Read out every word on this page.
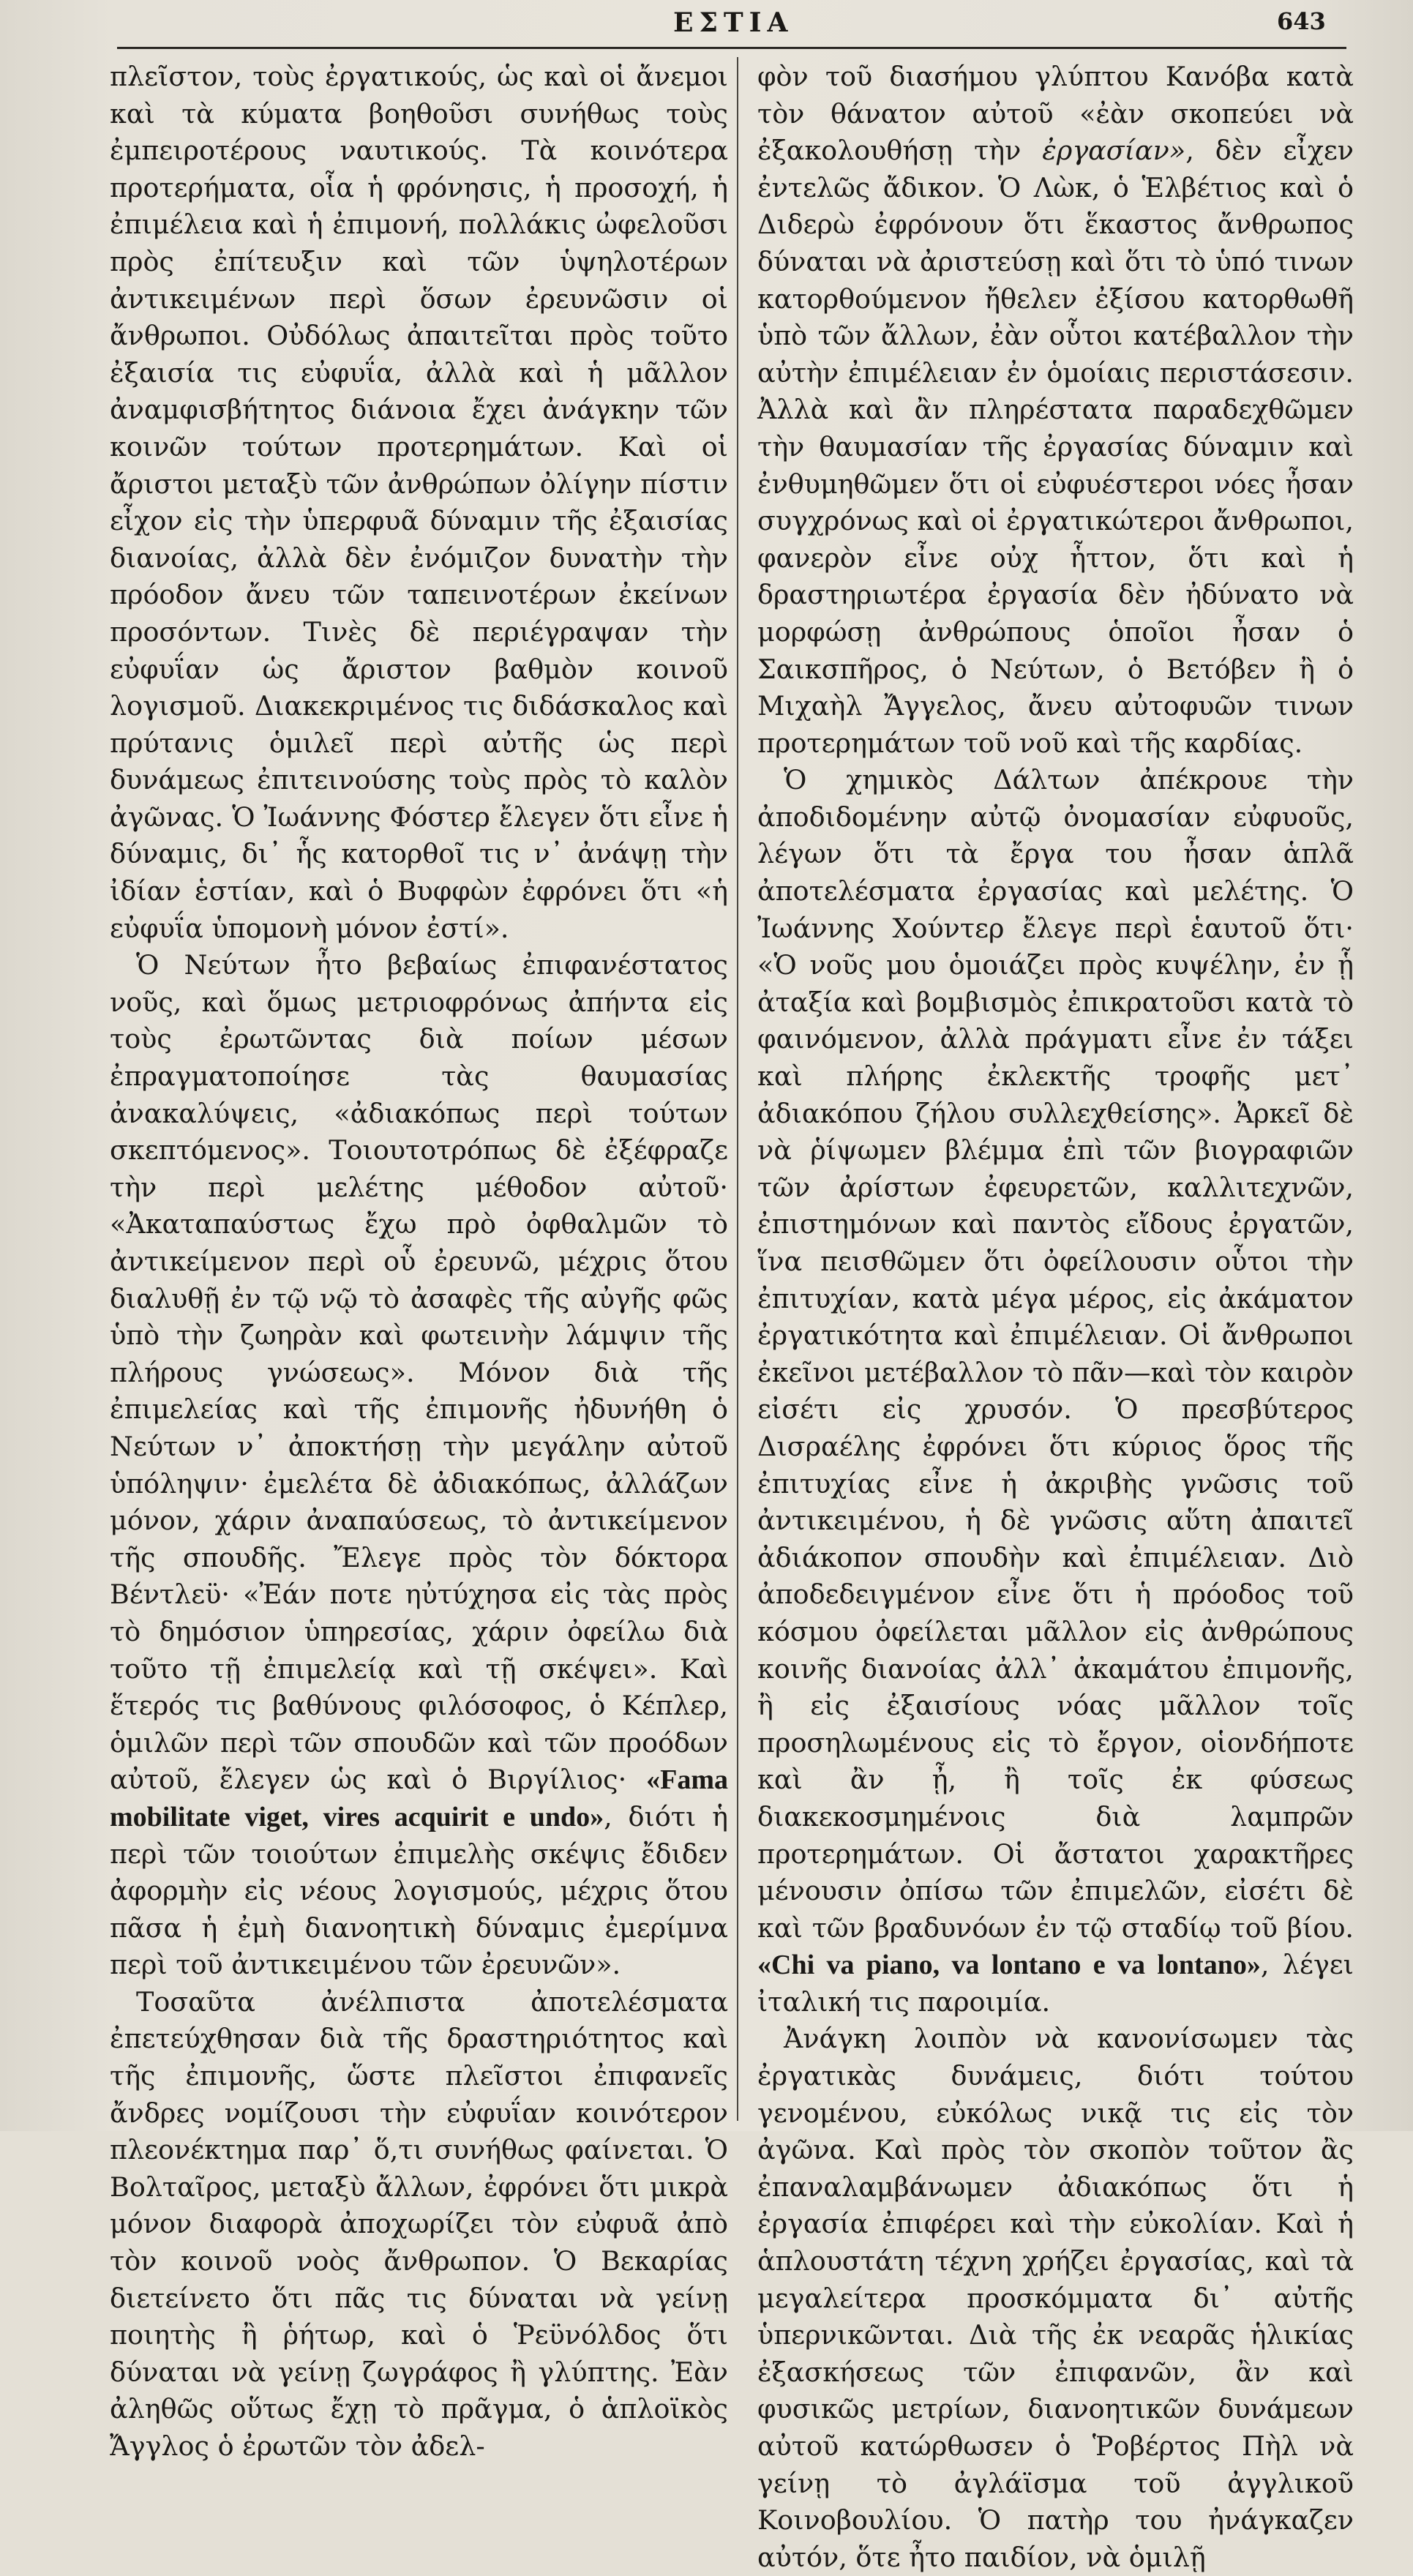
ΕΣΤΙΑ	643

πλεῖστον, τοὺς ἐργατικούς, ὡς καὶ οἱ ἄνεμοι καὶ τὰ κύματα βοηθοῦσι συνήθως τοὺς ἐμπειροτέρους ναυτικούς. Τὰ κοινότερα προτερήματα, οἷα ἡ φρόνησις, ἡ προσοχή, ἡ ἐπιμέλεια καὶ ἡ ἐπιμονή, πολλάκις ὠφελοῦσι πρὸς ἐπίτευξιν καὶ τῶν ὑψηλοτέρων ἀντικειμένων περὶ ὅσων ἐρευνῶσιν οἱ ἄνθρωποι. Οὐδόλως ἀπαιτεῖται πρὸς τοῦτο ἐξαισία τις εὐφυΐα, ἀλλὰ καὶ ἡ μᾶλλον ἀναμφισβήτητος διάνοια ἔχει ἀνάγκην τῶν κοινῶν τούτων προτερημάτων. Καὶ οἱ ἄριστοι μεταξὺ τῶν ἀνθρώπων ὀλίγην πίστιν εἶχον εἰς τὴν ὑπερφυᾶ δύναμιν τῆς ἐξαισίας διανοίας, ἀλλὰ δὲν ἐνόμιζον δυνατὴν τὴν πρόοδον ἄνευ τῶν ταπεινοτέρων ἐκείνων προσόντων. Τινὲς δὲ περιέγραψαν τὴν εὐφυΐαν ὡς ἄριστον βαθμὸν κοινοῦ λογισμοῦ. Διακεκριμένος τις διδάσκαλος καὶ πρύτανις ὁμιλεῖ περὶ αὐτῆς ὡς περὶ δυνάμεως ἐπιτεινούσης τοὺς πρὸς τὸ καλὸν ἀγῶνας. Ὁ Ἰωάννης Φόστερ ἔλεγεν ὅτι εἶνε ἡ δύναμις, δι᾿ ἧς κατορθοῖ τις ν᾿ ἀνάψῃ τὴν ἰδίαν ἑστίαν, καὶ ὁ Βυφφὼν ἐφρόνει ὅτι «ἡ εὐφυΐα ὑπομονὴ μόνον ἐστί».

Ὁ Νεύτων ἦτο βεβαίως ἐπιφανέστατος νοῦς, καὶ ὅμως μετριοφρόνως ἀπήντα εἰς τοὺς ἐρωτῶντας διὰ ποίων μέσων ἐπραγματοποίησε τὰς θαυμασίας ἀνακαλύψεις, «ἀδιακόπως περὶ τούτων σκεπτόμενος». Τοιουτοτρόπως δὲ ἐξέφραζε τὴν περὶ μελέτης μέθοδον αὐτοῦ· «Ἀκαταπαύστως ἔχω πρὸ ὀφθαλμῶν τὸ ἀντικείμενον περὶ οὗ ἐρευνῶ, μέχρις ὅτου διαλυθῇ ἐν τῷ νῷ τὸ ἀσαφὲς τῆς αὐγῆς φῶς ὑπὸ τὴν ζωηρὰν καὶ φωτεινὴν λάμψιν τῆς πλήρους γνώσεως». Μόνον διὰ τῆς ἐπιμελείας καὶ τῆς ἐπιμονῆς ἠδυνήθη ὁ Νεύτων ν᾿ ἀποκτήσῃ τὴν μεγάλην αὐτοῦ ὑπόληψιν· ἐμελέτα δὲ ἀδιακόπως, ἀλλάζων μόνον, χάριν ἀναπαύσεως, τὸ ἀντικείμενον τῆς σπουδῆς. Ἔλεγε πρὸς τὸν δόκτορα Βέντλεϋ· «Ἐάν ποτε ηὐτύχησα εἰς τὰς πρὸς τὸ δημόσιον ὑπηρεσίας, χάριν ὀφείλω διὰ τοῦτο τῇ ἐπιμελείᾳ καὶ τῇ σκέψει». Καὶ ἕτερός τις βαθύνους φιλόσοφος, ὁ Κέπλερ, ὁμιλῶν περὶ τῶν σπουδῶν καὶ τῶν προόδων αὐτοῦ, ἔλεγεν ὡς καὶ ὁ Βιργίλιος· «Fama mobilitate viget, vires acquirit e undo», διότι ἡ περὶ τῶν τοιούτων ἐπιμελὴς σκέψις ἔδιδεν ἀφορμὴν εἰς νέους λογισμούς, μέχρις ὅτου πᾶσα ἡ ἐμὴ διανοητικὴ δύναμις ἐμερίμνα περὶ τοῦ ἀντικειμένου τῶν ἐρευνῶν».

Τοσαῦτα ἀνέλπιστα ἀποτελέσματα ἐπετεύχθησαν διὰ τῆς δραστηριότητος καὶ τῆς ἐπιμονῆς, ὥστε πλεῖστοι ἐπιφανεῖς ἄνδρες νομίζουσι τὴν εὐφυΐαν κοινότερον πλεονέκτημα παρ᾿ ὅ,τι συνήθως φαίνεται. Ὁ Βολταῖρος, μεταξὺ ἄλλων, ἐφρόνει ὅτι μικρὰ μόνον διαφορὰ ἀποχωρίζει τὸν εὐφυᾶ ἀπὸ τὸν κοινοῦ νοὸς ἄνθρωπον. Ὁ Βεκαρίας διετείνετο ὅτι πᾶς τις δύναται νὰ γείνῃ ποιητὴς ἢ ῥήτωρ, καὶ ὁ Ῥεϋνόλδος ὅτι δύναται νὰ γείνῃ ζωγράφος ἢ γλύπτης. Ἐὰν ἀληθῶς οὕτως ἔχῃ τὸ πρᾶγμα, ὁ ἁπλοϊκὸς Ἄγγλος ὁ ἐρωτῶν τὸν ἀδελ-

φὸν τοῦ διασήμου γλύπτου Κανόβα κατὰ τὸν θάνατον αὐτοῦ «ἐὰν σκοπεύει νὰ ἐξακολουθήσῃ τὴν ἐργασίαν», δὲν εἶχεν ἐντελῶς ἄδικον. Ὁ Λὼκ, ὁ Ἑλβέτιος καὶ ὁ Διδερὼ ἐφρόνουν ὅτι ἕκαστος ἄνθρωπος δύναται νὰ ἀριστεύσῃ καὶ ὅτι τὸ ὑπό τινων κατορθούμενον ἤθελεν ἐξίσου κατορθωθῆ ὑπὸ τῶν ἄλλων, ἐὰν οὗτοι κατέβαλλον τὴν αὐτὴν ἐπιμέλειαν ἐν ὁμοίαις περιστάσεσιν. Ἀλλὰ καὶ ἂν πληρέστατα παραδεχθῶμεν τὴν θαυμασίαν τῆς ἐργασίας δύναμιν καὶ ἐνθυμηθῶμεν ὅτι οἱ εὐφυέστεροι νόες ἦσαν συγχρόνως καὶ οἱ ἐργατικώτεροι ἄνθρωποι, φανερὸν εἶνε οὐχ ἧττον, ὅτι καὶ ἡ δραστηριωτέρα ἐργασία δὲν ἠδύνατο νὰ μορφώσῃ ἀνθρώπους ὁποῖοι ἦσαν ὁ Σαικσπῆρος, ὁ Νεύτων, ὁ Βετόβεν ἢ ὁ Μιχαὴλ Ἄγγελος, ἄνευ αὐτοφυῶν τινων προτερημάτων τοῦ νοῦ καὶ τῆς καρδίας.

Ὁ χημικὸς Δάλτων ἀπέκρουε τὴν ἀποδιδομένην αὐτῷ ὀνομασίαν εὐφυοῦς, λέγων ὅτι τὰ ἔργα του ἦσαν ἁπλᾶ ἀποτελέσματα ἐργασίας καὶ μελέτης. Ὁ Ἰωάννης Χούντερ ἔλεγε περὶ ἑαυτοῦ ὅτι· «Ὁ νοῦς μου ὁμοιάζει πρὸς κυψέλην, ἐν ᾗ ἀταξία καὶ βομβισμὸς ἐπικρατοῦσι κατὰ τὸ φαινόμενον, ἀλλὰ πράγματι εἶνε ἐν τάξει καὶ πλήρης ἐκλεκτῆς τροφῆς μετ᾿ ἀδιακόπου ζήλου συλλεχθείσης». Ἀρκεῖ δὲ νὰ ῥίψωμεν βλέμμα ἐπὶ τῶν βιογραφιῶν τῶν ἀρίστων ἐφευρετῶν, καλλιτεχνῶν, ἐπιστημόνων καὶ παντὸς εἴδους ἐργατῶν, ἵνα πεισθῶμεν ὅτι ὀφείλουσιν οὗτοι τὴν ἐπιτυχίαν, κατὰ μέγα μέρος, εἰς ἀκάματον ἐργατικότητα καὶ ἐπιμέλειαν. Οἱ ἄνθρωποι ἐκεῖνοι μετέβαλλον τὸ πᾶν—καὶ τὸν καιρὸν εἰσέτι εἰς χρυσόν. Ὁ πρεσβύτερος Δισραέλης ἐφρόνει ὅτι κύριος ὅρος τῆς ἐπιτυχίας εἶνε ἡ ἀκριβὴς γνῶσις τοῦ ἀντικειμένου, ἡ δὲ γνῶσις αὕτη ἀπαιτεῖ ἀδιάκοπον σπουδὴν καὶ ἐπιμέλειαν. Διὸ ἀποδεδειγμένον εἶνε ὅτι ἡ πρόοδος τοῦ κόσμου ὀφείλεται μᾶλλον εἰς ἀνθρώπους κοινῆς διανοίας ἀλλ᾿ ἀκαμάτου ἐπιμονῆς, ἢ εἰς ἐξαισίους νόας μᾶλλον τοῖς προσηλωμένους εἰς τὸ ἔργον, οἱονδήποτε καὶ ἂν ᾖ, ἢ τοῖς ἐκ φύσεως διακεκοσμημένοις διὰ λαμπρῶν προτερημάτων. Οἱ ἄστατοι χαρακτῆρες μένουσιν ὀπίσω τῶν ἐπιμελῶν, εἰσέτι δὲ καὶ τῶν βραδυνόων ἐν τῷ σταδίῳ τοῦ βίου. «Chi va piano, va lontano e va lontano», λέγει ἰταλική τις παροιμία.

Ἀνάγκη λοιπὸν νὰ κανονίσωμεν τὰς ἐργατικὰς δυνάμεις, διότι τούτου γενομένου, εὐκόλως νικᾷ τις εἰς τὸν ἀγῶνα. Καὶ πρὸς τὸν σκοπὸν τοῦτον ἂς ἐπαναλαμβάνωμεν ἀδιακόπως ὅτι ἡ ἐργασία ἐπιφέρει καὶ τὴν εὐκολίαν. Καὶ ἡ ἁπλουστάτη τέχνη χρήζει ἐργασίας, καὶ τὰ μεγαλείτερα προσκόμματα δι᾿ αὐτῆς ὑπερνικῶνται. Διὰ τῆς ἐκ νεαρᾶς ἡλικίας ἐξασκήσεως τῶν ἐπιφανῶν, ἂν καὶ φυσικῶς μετρίων, διανοητικῶν δυνάμεων αὐτοῦ κατώρθωσεν ὁ Ῥοβέρτος Πὴλ νὰ γείνῃ τὸ ἀγλάϊσμα τοῦ ἀγγλικοῦ Κοινοβουλίου. Ὁ πατὴρ του ἠνάγκαζεν αὐτόν, ὅτε ἦτο παιδίον, νὰ ὁμιλῇ
